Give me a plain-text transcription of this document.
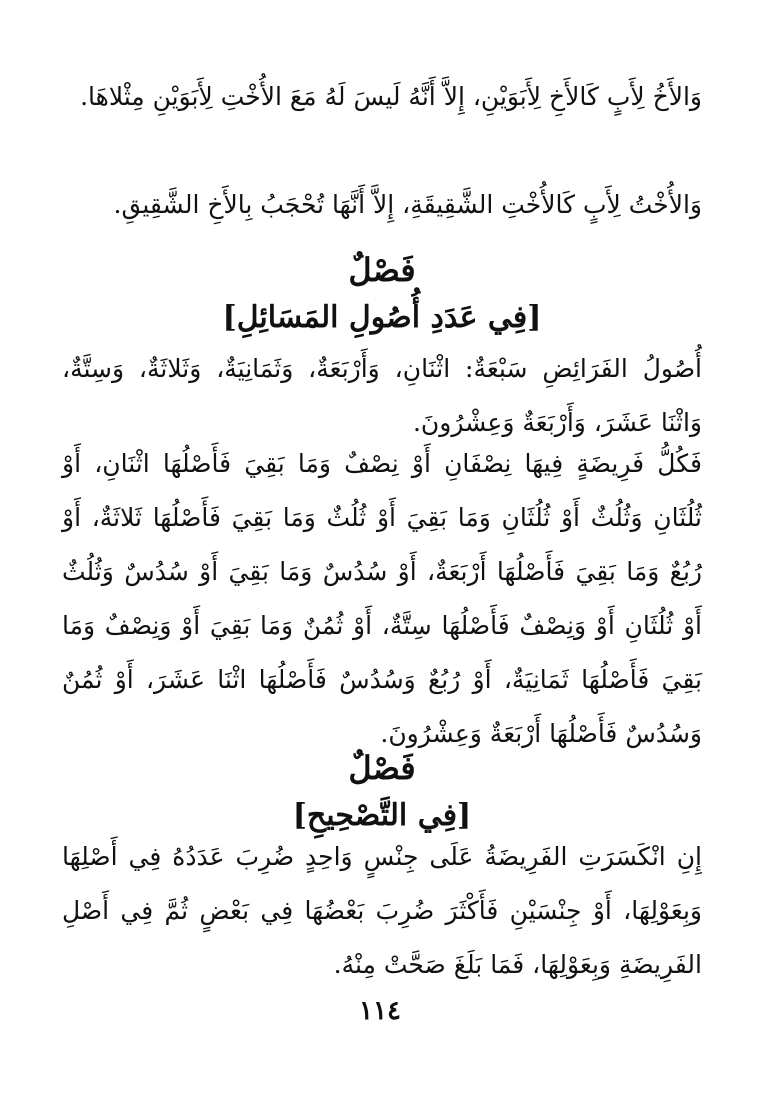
وَالأَخُ لِأَبٍ كَالأَخِ لِأَبَوَيْنِ، إِلاَّ أَنَّهُ لَيسَ لَهُ مَعَ الأُخْتِ لِأَبَوَيْنِ مِثْلاهَا.

وَالأُخْتُ لِأَبٍ كَالأُخْتِ الشَّقِيقَةِ، إِلاَّ أَنَّهَا تُحْجَبُ بِالأَخِ الشَّقِيقِ.

فَصْلٌ
[فِي عَدَدِ أُصُولِ المَسَائِلِ]

أُصُولُ الفَرَائِضِ سَبْعَةٌ: اثْنَانِ، وَأَرْبَعَةٌ، وَثَمَانِيَةٌ، وَثَلاثَةٌ، وَسِتَّةٌ، وَاثْنَا عَشَرَ، وَأَرْبَعَةٌ وَعِشْرُونَ.

فَكُلُّ فَرِيضَةٍ فِيهَا نِصْفَانِ أَوْ نِصْفٌ وَمَا بَقِيَ فَأَصْلُهَا اثْنَانِ، أَوْ ثُلُثَانِ وَثُلُثٌ أَوْ ثُلُثَانِ وَمَا بَقِيَ أَوْ ثُلُثٌ وَمَا بَقِيَ فَأَصْلُهَا ثَلاثَةٌ، أَوْ رُبُعٌ وَمَا بَقِيَ فَأَصْلُهَا أَرْبَعَةٌ، أَوْ سُدُسٌ وَمَا بَقِيَ أَوْ سُدُسٌ وَثُلُثٌ أَوْ ثُلُثَانِ أَوْ وَنِصْفٌ فَأَصْلُهَا سِتَّةٌ، أَوْ ثُمُنٌ وَمَا بَقِيَ أَوْ وَنِصْفٌ وَمَا بَقِيَ فَأَصْلُهَا ثَمَانِيَةٌ، أَوْ رُبُعٌ وَسُدُسٌ فَأَصْلُهَا اثْنَا عَشَرَ، أَوْ ثُمُنٌ وَسُدُسٌ فَأَصْلُهَا أَرْبَعَةٌ وَعِشْرُونَ.

فَصْلٌ
[فِي التَّصْحِيحِ]

إِنِ انْكَسَرَتِ الفَرِيضَةُ عَلَى جِنْسٍ وَاحِدٍ ضُرِبَ عَدَدُهُ فِي أَصْلِهَا وَبِعَوْلِهَا، أَوْ جِنْسَيْنِ فَأَكْثَرَ ضُرِبَ بَعْضُهَا فِي بَعْضٍ ثُمَّ فِي أَصْلِ الفَرِيضَةِ وَبِعَوْلِهَا، فَمَا بَلَغَ صَحَّتْ مِنْهُ.

١١٤
